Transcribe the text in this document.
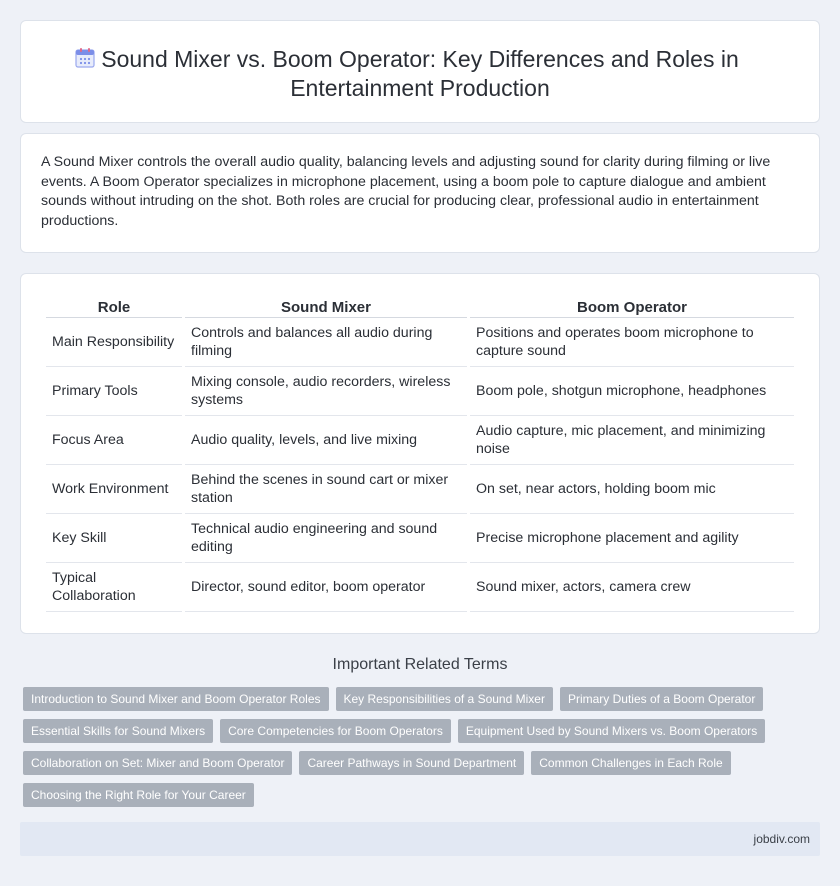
Sound Mixer vs. Boom Operator: Key Differences and Roles in Entertainment Production

A Sound Mixer controls the overall audio quality, balancing levels and adjusting sound for clarity during filming or live events. A Boom Operator specializes in microphone placement, using a boom pole to capture dialogue and ambient sounds without intruding on the shot. Both roles are crucial for producing clear, professional audio in entertainment productions.

Role	Sound Mixer	Boom Operator
Main Responsibility	Controls and balances all audio during filming	Positions and operates boom microphone to capture sound
Primary Tools	Mixing console, audio recorders, wireless systems	Boom pole, shotgun microphone, headphones
Focus Area	Audio quality, levels, and live mixing	Audio capture, mic placement, and minimizing noise
Work Environment	Behind the scenes in sound cart or mixer station	On set, near actors, holding boom mic
Key Skill	Technical audio engineering and sound editing	Precise microphone placement and agility
Typical Collaboration	Director, sound editor, boom operator	Sound mixer, actors, camera crew
Important Related Terms
Introduction to Sound Mixer and Boom Operator Roles	Key Responsibilities of a Sound Mixer	Primary Duties of a Boom Operator
Essential Skills for Sound Mixers	Core Competencies for Boom Operators	Equipment Used by Sound Mixers vs. Boom Operators
Collaboration on Set: Mixer and Boom Operator	Career Pathways in Sound Department	Common Challenges in Each Role
Choosing the Right Role for Your Career
jobdiv.com
